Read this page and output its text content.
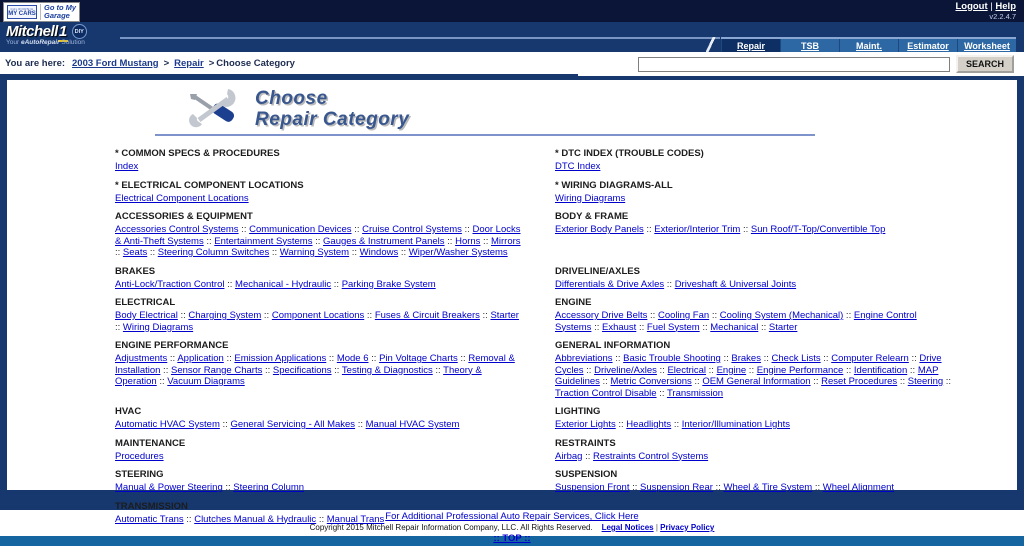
CALIFORNIA
MY CARS
Go to My
Garage
Logout | Help
v2.2.4.7
Mitchell1	DIY
Your eAutoRepair Solution	Repair	TSB	Maint.	Estimator	Worksheet
You are here: 2003 Ford Mustang > Repair > Choose Category	SEARCH
Choose
Repair Category
* COMMON SPECS & PROCEDURES
Index
* DTC INDEX (TROUBLE CODES)
DTC Index
* ELECTRICAL COMPONENT LOCATIONS
Electrical Component Locations
* WIRING DIAGRAMS-ALL
Wiring Diagrams
ACCESSORIES & EQUIPMENT
Accessories Control Systems :: Communication Devices :: Cruise Control Systems :: Door Locks & Anti-Theft Systems :: Entertainment Systems :: Gauges & Instrument Panels :: Horns :: Mirrors :: Seats :: Steering Column Switches :: Warning System :: Windows :: Wiper/Washer Systems
BODY & FRAME
Exterior Body Panels :: Exterior/Interior Trim :: Sun Roof/T-Top/Convertible Top
BRAKES
Anti-Lock/Traction Control :: Mechanical - Hydraulic :: Parking Brake System
DRIVELINE/AXLES
Differentials & Drive Axles :: Driveshaft & Universal Joints
ELECTRICAL
Body Electrical :: Charging System :: Component Locations :: Fuses & Circuit Breakers :: Starter :: Wiring Diagrams
ENGINE
Accessory Drive Belts :: Cooling Fan :: Cooling System (Mechanical) :: Engine Control Systems :: Exhaust :: Fuel System :: Mechanical :: Starter
ENGINE PERFORMANCE
Adjustments :: Application :: Emission Applications :: Mode 6 :: Pin Voltage Charts :: Removal & Installation :: Sensor Range Charts :: Specifications :: Testing & Diagnostics :: Theory & Operation :: Vacuum Diagrams
GENERAL INFORMATION
Abbreviations :: Basic Trouble Shooting :: Brakes :: Check Lists :: Computer Relearn :: Drive Cycles :: Driveline/Axles :: Electrical :: Engine :: Engine Performance :: Identification :: MAP Guidelines :: Metric Conversions :: OEM General Information :: Reset Procedures :: Steering :: Traction Control Disable :: Transmission
HVAC
Automatic HVAC System :: General Servicing - All Makes :: Manual HVAC System
LIGHTING
Exterior Lights :: Headlights :: Interior/Illumination Lights
MAINTENANCE
Procedures
RESTRAINTS
Airbag :: Restraints Control Systems
STEERING
Manual & Power Steering :: Steering Column
SUSPENSION
Suspension Front :: Suspension Rear :: Wheel & Tire System :: Wheel Alignment
TRANSMISSION
Automatic Trans :: Clutches Manual & Hydraulic :: Manual Trans For Additional Professional Auto Repair Services, Click Here
Copyright 2015 Mitchell Repair Information Company, LLC. All Rights Reserved. Legal Notices | Privacy Policy
:: TOP ::
